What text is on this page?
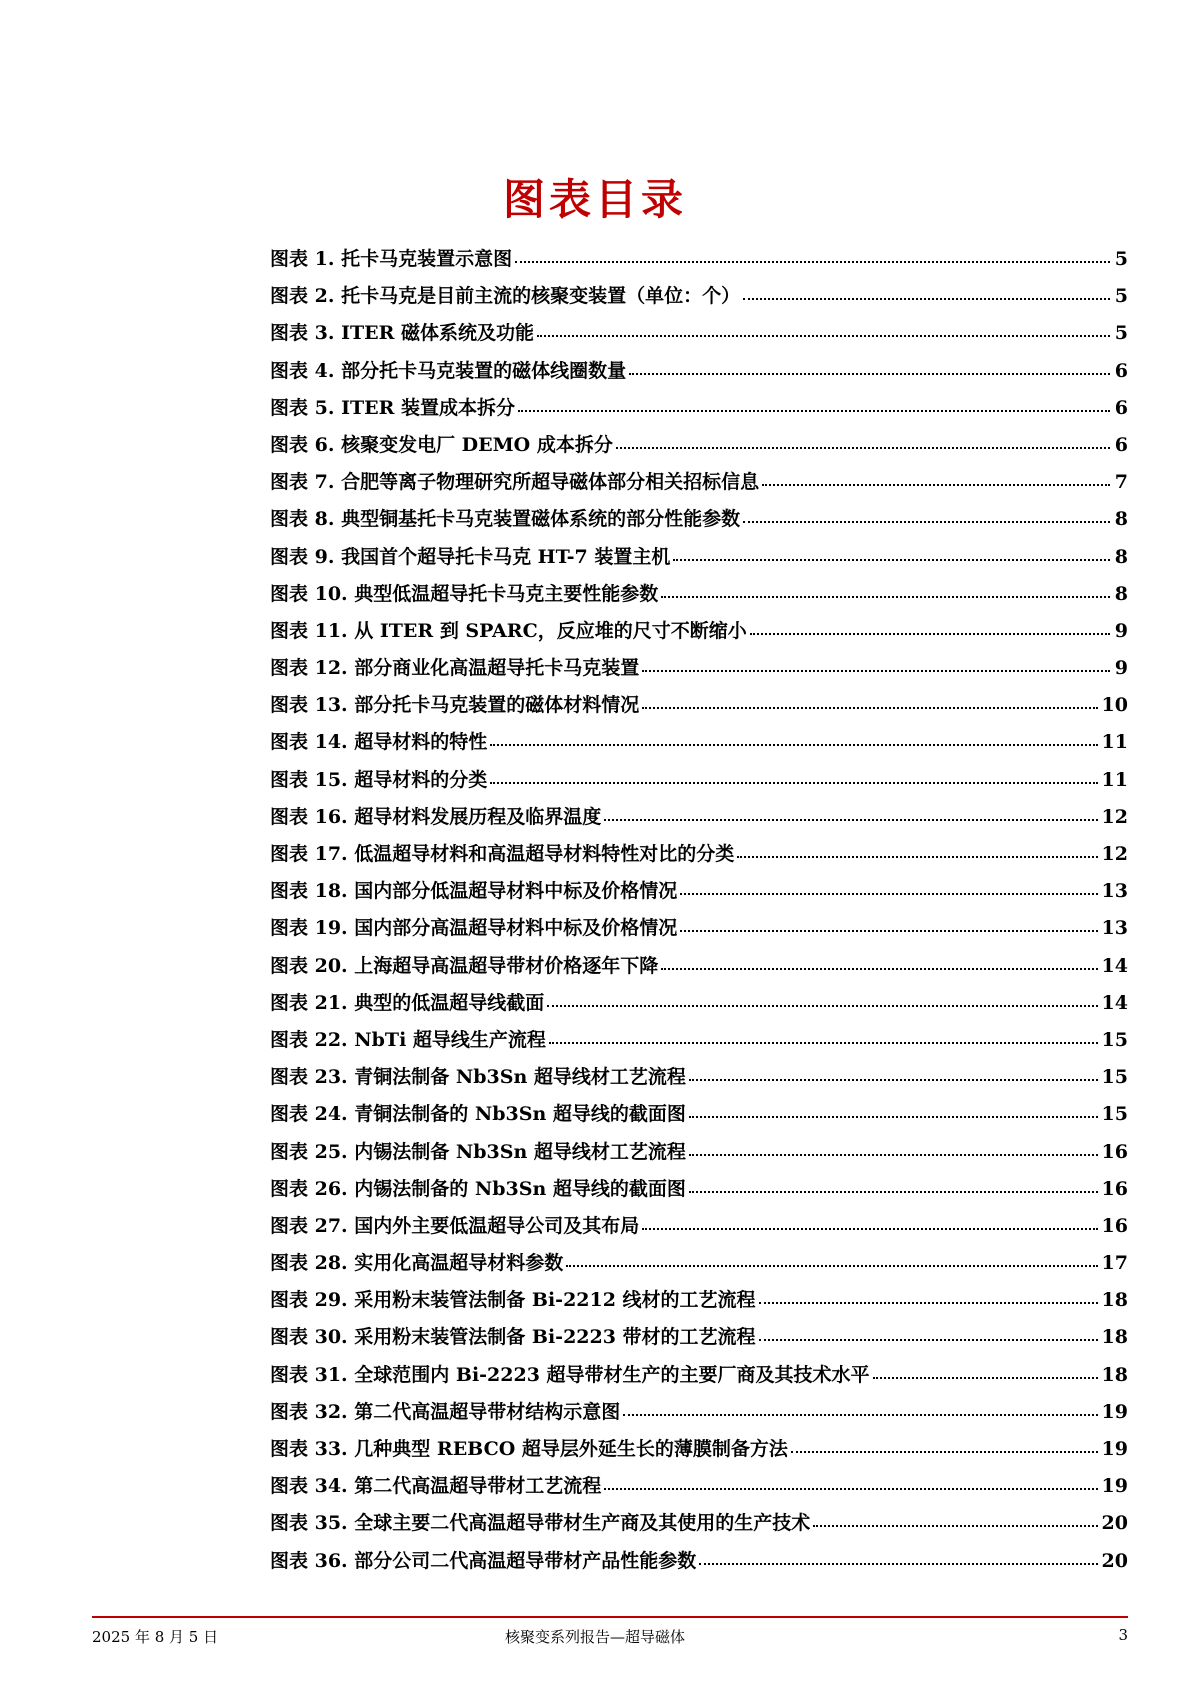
图表目录
图表 1. 托卡马克装置示意图	5
图表 2. 托卡马克是目前主流的核聚变装置（单位：个）	5
图表 3. ITER 磁体系统及功能	5
图表 4. 部分托卡马克装置的磁体线圈数量	6
图表 5. ITER 装置成本拆分	6
图表 6. 核聚变发电厂 DEMO 成本拆分	6
图表 7. 合肥等离子物理研究所超导磁体部分相关招标信息	7
图表 8. 典型铜基托卡马克装置磁体系统的部分性能参数	8
图表 9. 我国首个超导托卡马克 HT-7 装置主机	8
图表 10. 典型低温超导托卡马克主要性能参数	8
图表 11. 从 ITER 到 SPARC，反应堆的尺寸不断缩小	9
图表 12. 部分商业化高温超导托卡马克装置	9
图表 13. 部分托卡马克装置的磁体材料情况	10
图表 14. 超导材料的特性	11
图表 15. 超导材料的分类	11
图表 16. 超导材料发展历程及临界温度	12
图表 17. 低温超导材料和高温超导材料特性对比的分类	12
图表 18. 国内部分低温超导材料中标及价格情况	13
图表 19. 国内部分高温超导材料中标及价格情况	13
图表 20. 上海超导高温超导带材价格逐年下降	14
图表 21. 典型的低温超导线截面	14
图表 22. NbTi 超导线生产流程	15
图表 23. 青铜法制备 Nb3Sn 超导线材工艺流程	15
图表 24. 青铜法制备的 Nb3Sn 超导线的截面图	15
图表 25. 内锡法制备 Nb3Sn 超导线材工艺流程	16
图表 26. 内锡法制备的 Nb3Sn 超导线的截面图	16
图表 27. 国内外主要低温超导公司及其布局	16
图表 28. 实用化高温超导材料参数	17
图表 29. 采用粉末装管法制备 Bi-2212 线材的工艺流程	18
图表 30. 采用粉末装管法制备 Bi-2223 带材的工艺流程	18
图表 31. 全球范围内 Bi-2223 超导带材生产的主要厂商及其技术水平	18
图表 32. 第二代高温超导带材结构示意图	19
图表 33. 几种典型 REBCO 超导层外延生长的薄膜制备方法	19
图表 34. 第二代高温超导带材工艺流程	19
图表 35. 全球主要二代高温超导带材生产商及其使用的生产技术	20
图表 36. 部分公司二代高温超导带材产品性能参数	20
2025 年 8 月 5 日	核聚变系列报告—超导磁体	3
